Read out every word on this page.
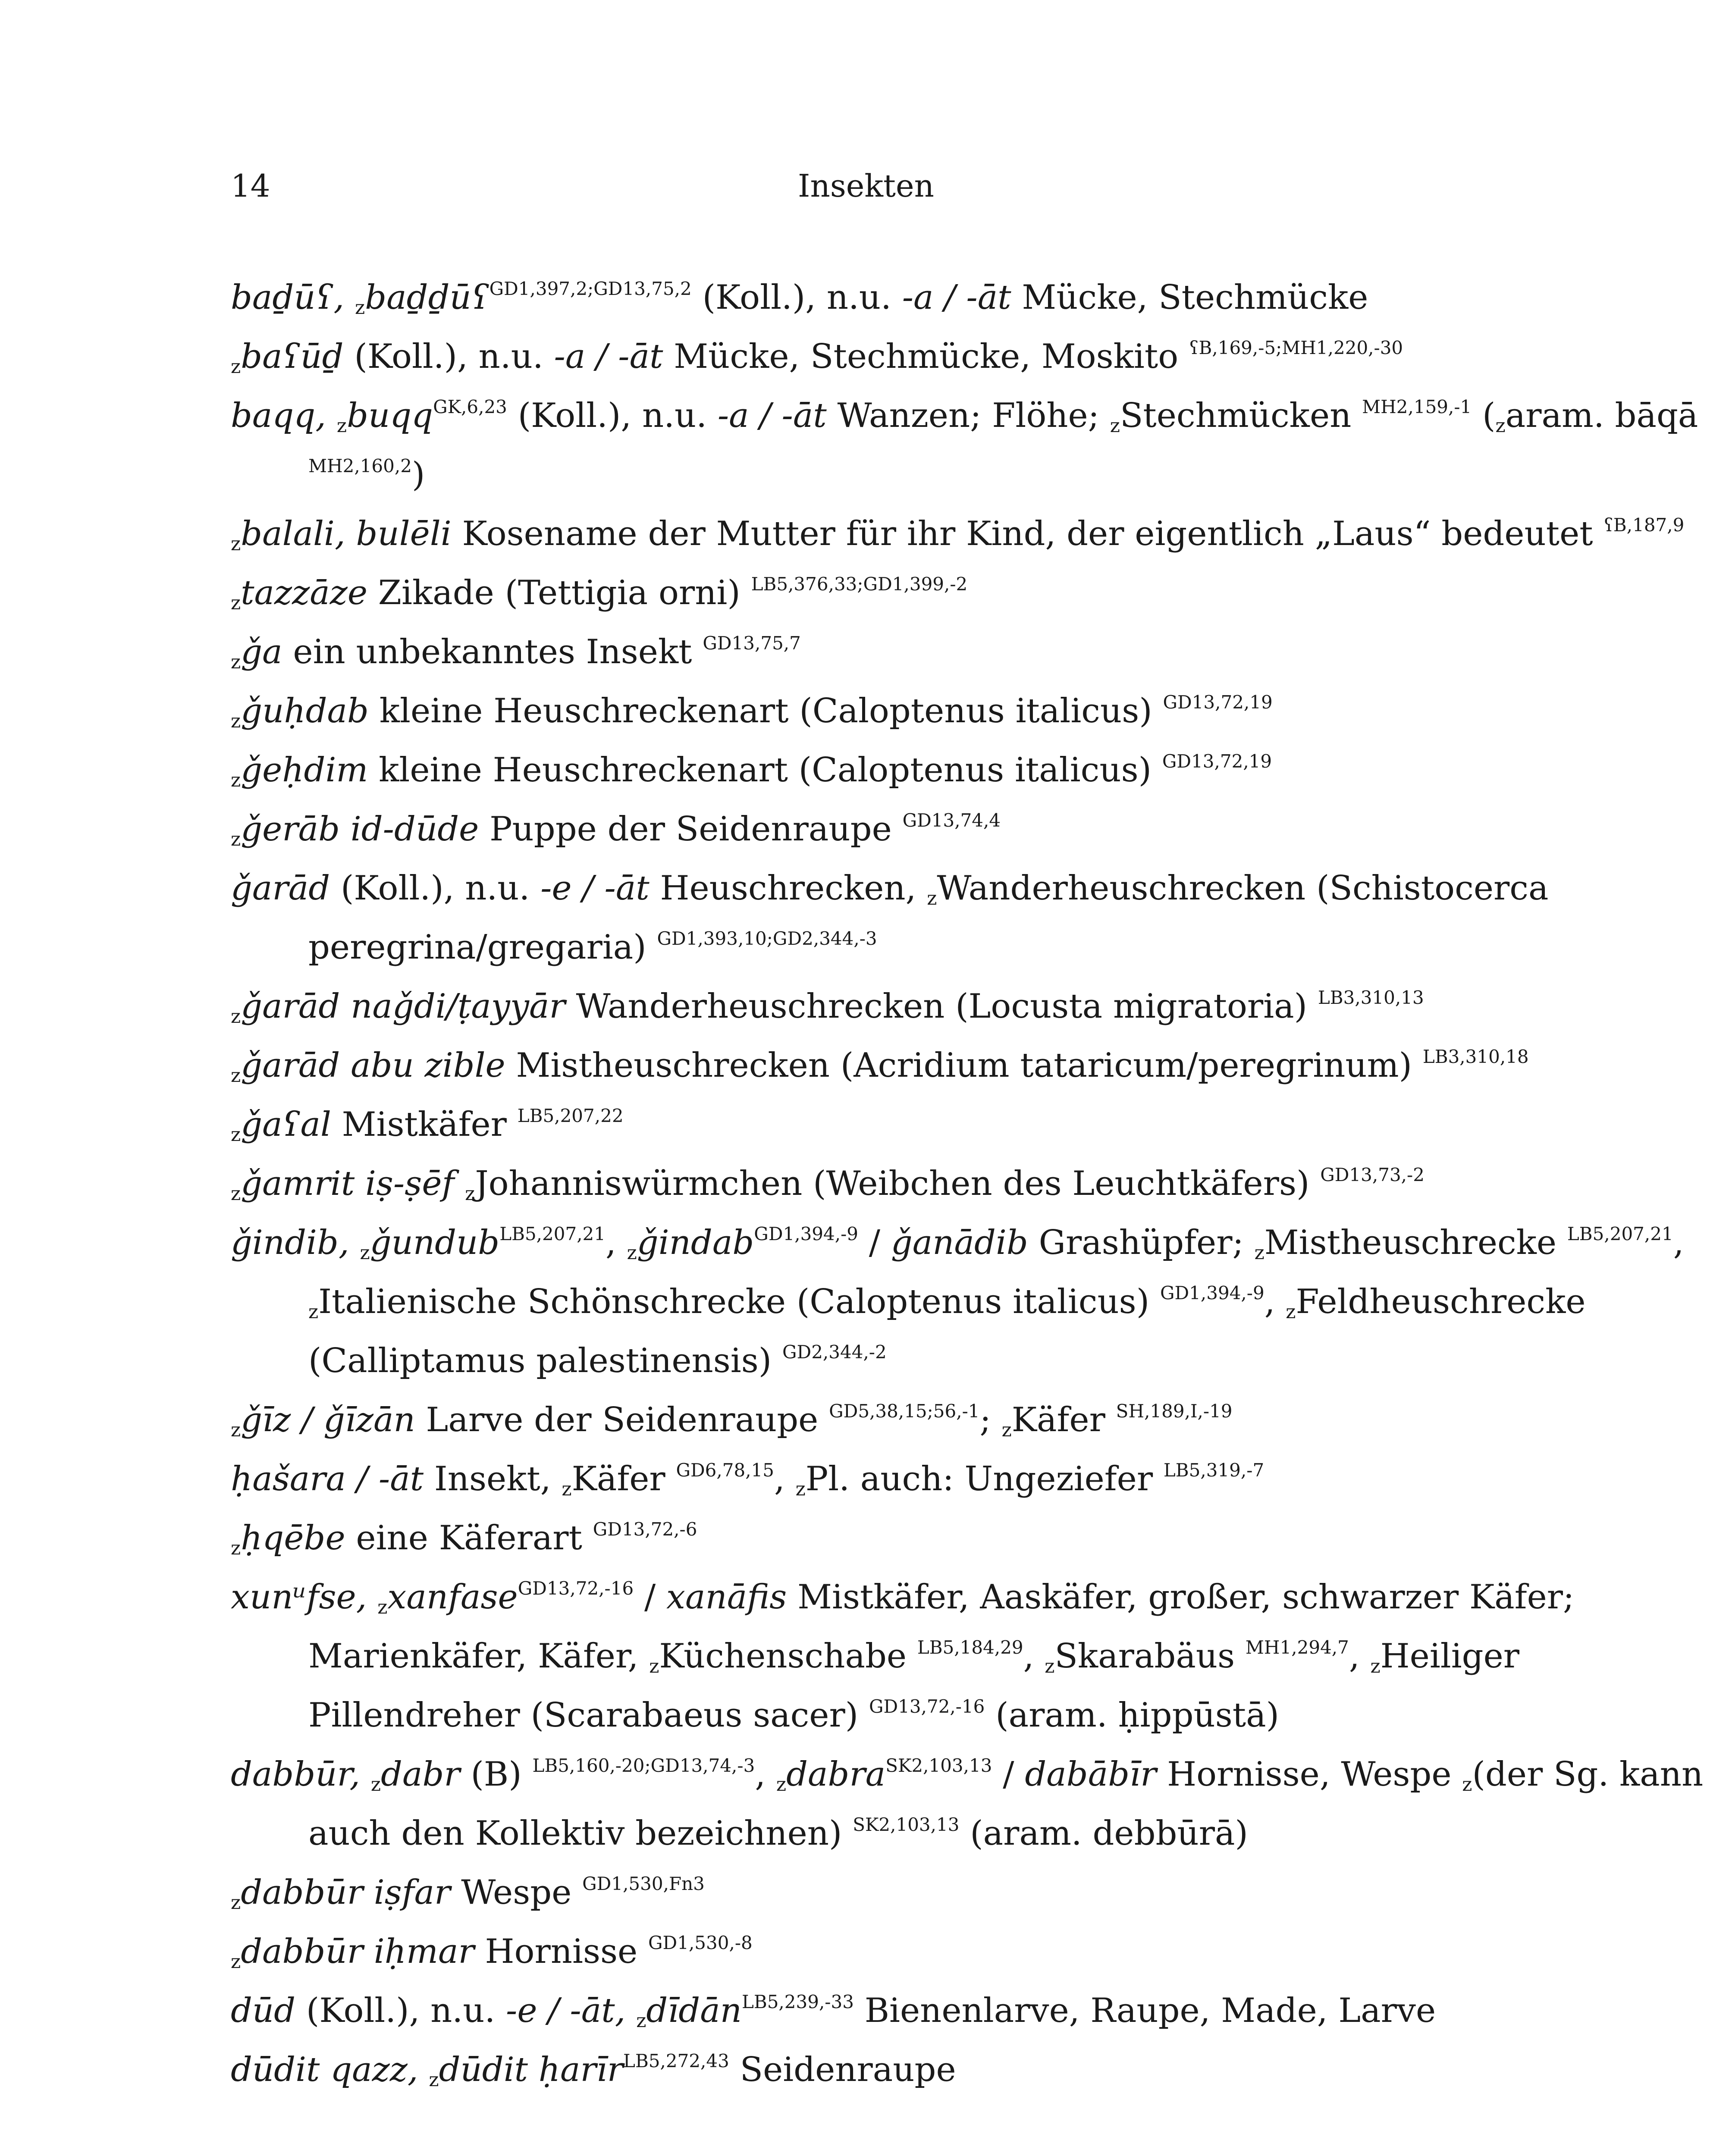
14	Insekten
baḏūʕ, $_z$baḏḏūʕ$^{GD1,397,2;GD13,75,2}$ (Koll.), n.u. -a / -āt Mücke, Stechmücke
$_z$baʕūḏ (Koll.), n.u. -a / -āt Mücke, Stechmücke, Moskito $^{ʕB,169,-5;MH1,220,-30}$
baqq, $_z$buqq$^{GK,6,23}$ (Koll.), n.u. -a / -āt Wanzen; Flöhe; $_z$Stechmücken $^{MH2,159,-1}$ ($_zaram$. bāqā $^{MH2,160,2}$)
$_z$balali, bulēli Kosename der Mutter für ihr Kind, der eigentlich „Laus“ bedeutet $^{ʕB,187,9}$
$_z$tazzāze Zikade (Tettigia orni) $^{LB5,376,33;GD1,399,-2}$
$_z$ǧa ein unbekanntes Insekt $^{GD13,75,7}$
$_z$ǧuḥdab kleine Heuschreckenart (Caloptenus italicus) $^{GD13,72,19}$
$_z$ǧeḥdim kleine Heuschreckenart (Caloptenus italicus) $^{GD13,72,19}$
$_z$ǧerāb id-dūde Puppe der Seidenraupe $^{GD13,74,4}$
ǧarād (Koll.), n.u. -e / -āt Heuschrecken, $_z$Wanderheuschrecken (Schistocerca peregrina/gregaria) $^{GD1,393,10;GD2,344,-3}$
$_z$ǧarād naǧdi/ṭayyār Wanderheuschrecken (Locusta migratoria) $^{LB3,310,13}$
$_z$ǧarād abu zible Mistheuschrecken (Acridium tataricum/peregrinum) $^{LB3,310,18}$
$_z$ǧaʕal Mistkäfer $^{LB5,207,22}$
$_z$ǧamrit iṣ-ṣēf $_z$Johanniswürmchen (Weibchen des Leuchtkäfers) $^{GD13,73,-2}$
ǧindib, $_z$ǧundub$^{LB5,207,21}$, $_z$ǧindab$^{GD1,394,-9}$ / ǧanādib Grashüpfer; $_z$Mistheuschrecke $^{LB5,207,21}$, $_z$Italienische Schönschrecke (Caloptenus italicus) $^{GD1,394,-9}$, $_z$Feldheuschrecke (Calliptamus palestinensis) $^{GD2,344,-2}$
$_z$ǧīz / ǧīzān Larve der Seidenraupe $^{GD5,38,15;56,-1}$; $_z$Käfer $^{SH,189,I,-19}$
ḥašara / -āt Insekt, $_z$Käfer $^{GD6,78,15}$, $_z$Pl. auch: Ungeziefer $^{LB5,319,-7}$
$_z$ḥqēbe eine Käferart $^{GD13,72,-6}$
xunᵘfse, $_z$xanfase$^{GD13,72,-16}$ / xanāfis Mistkäfer, Aaskäfer, großer, schwarzer Käfer; Marienkäfer, Käfer, $_z$Küchenschabe $^{LB5,184,29}$, $_z$Skarabäus $^{MH1,294,7}$, $_z$Heiliger Pillendreher (Scarabaeus sacer) $^{GD13,72,-16}$ (aram. ḥippūstā)
dabbūr, $_z$dabr (B) $^{LB5,160,-20;GD13,74,-3}$, $_z$dabra$^{SK2,103,13}$ / dabābīr Hornisse, Wespe $_z$(der Sg. kann auch den Kollektiv bezeichnen) $^{SK2,103,13}$ (aram. debbūrā)
$_z$dabbūr iṣfar Wespe $^{GD1,530,Fn3}$
$_z$dabbūr iḥmar Hornisse $^{GD1,530,-8}$
dūd (Koll.), n.u. -e / -āt, $_z$dīdān$^{LB5,239,-33}$ Bienenlarve, Raupe, Made, Larve
dūdit qazz, $_z$dūdit ḥarīr$^{LB5,272,43}$ Seidenraupe
